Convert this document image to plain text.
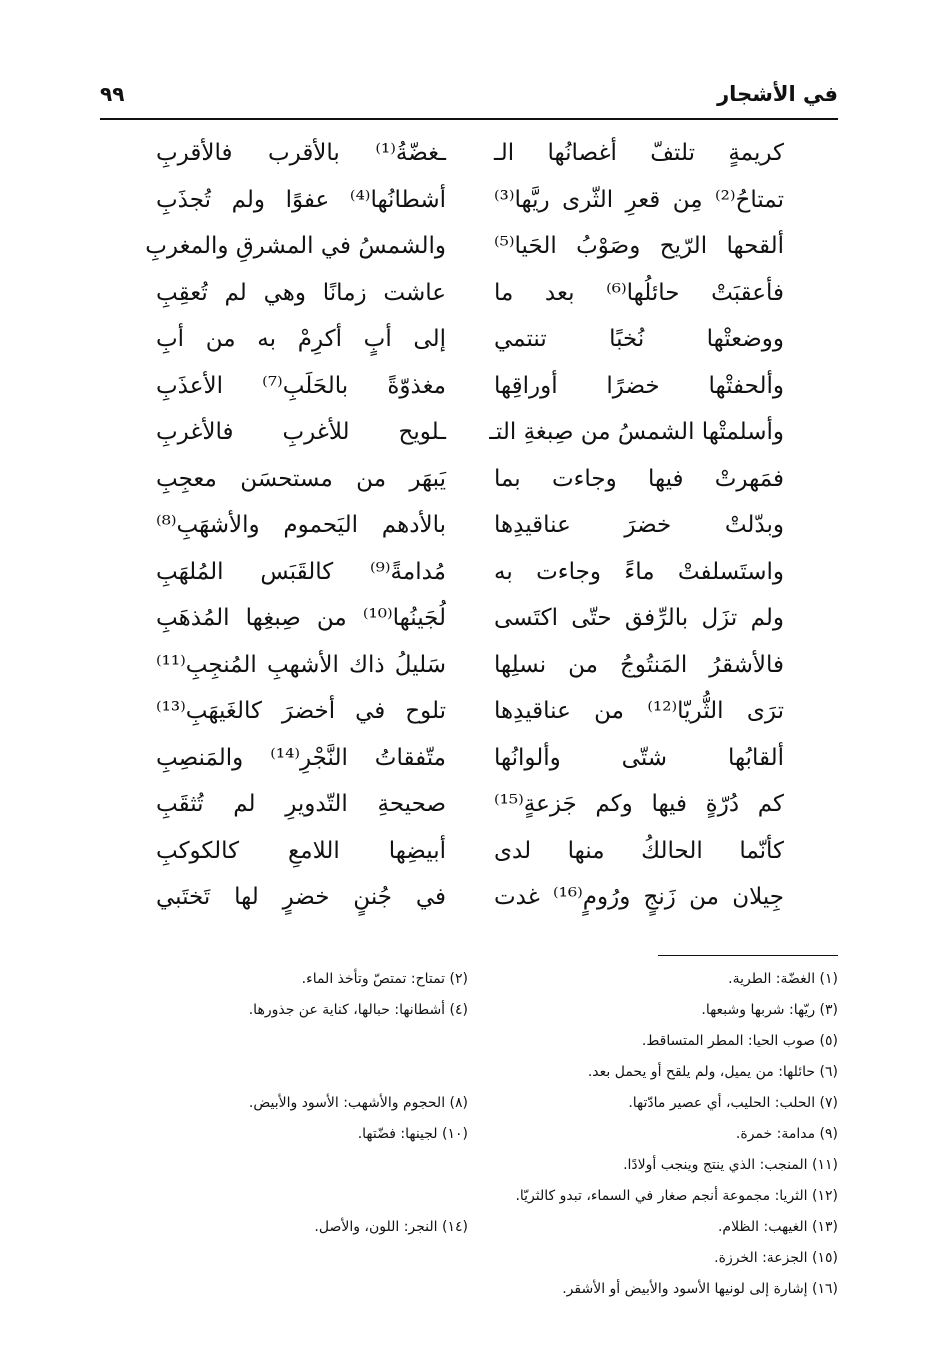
في الأشجار
٩٩
كريمةٍ تلتفّ أغصانُها الـ
ـغضّةُ⁽¹⁾ بالأقرب فالأقربِ
تمتاحُ⁽²⁾ مِن قعرِ الثّرى ريَّها⁽³⁾
أشطانُها⁽⁴⁾ عفوًا ولم تُجذَبِ
ألقحها الرّيح وصَوْبُ الحَيا⁽⁵⁾
والشمسُ في المشرقِ والمغربِ
فأعقبَتْ حائلُها⁽⁶⁾ بعد ما
عاشت زمانًا وهي لم تُعقِبِ
ووضعتْها نُخبًا تنتمي
إلى أبٍ أكرِمْ به من أبِ
وألحفتْها خضرًا أوراقِها
مغذوّةً بالحَلَبِ⁽⁷⁾ الأعذَبِ
وأسلمتْها الشمسُ من صِبغةِ التـ
ـلويح للأغربِ فالأغربِ
فمَهرتْ فيها وجاءت بما
يَبهَر من مستحسَن معجِبِ
وبدّلتْ خضرَ عناقيدِها
بالأدهم اليَحموم والأشهَبِ⁽⁸⁾
واستَسلفتْ ماءً وجاءت به
مُدامةً⁽⁹⁾ كالقَبَس المُلهَبِ
ولم تزَل بالرِّفق حتّى اكتَسى
لُجَينُها⁽¹⁰⁾ من صِبغِها المُذهَبِ
فالأشقرُ المَنتُوجُ من نسلِها
سَليلُ ذاك الأشهبِ المُنجِبِ⁽¹¹⁾
ترَى الثُّريّا⁽¹²⁾ من عناقيدِها
تلوح في أخضرَ كالغَيهَبِ⁽¹³⁾
ألقابُها شتّى وألوانُها
متّفقاتُ النَّجْرِ⁽¹⁴⁾ والمَنصِبِ
كم دُرّةٍ فيها وكم جَزعةٍ⁽¹⁵⁾
صحيحةِ التّدويرِ لم تُثقَبِ
كأنّما الحالكُ منها لدى
أبيضِها اللامعِ كالكوكبِ
جِيلان من زَنجٍ ورُومٍ⁽¹⁶⁾ غدت
في جُننٍ خضرٍ لها تَختَبي
(١) الغضّة: الطرية.
(٢) تمتاح: تمتصّ وتأخذ الماء.
(٣) ريّها: شربها وشبعها.
(٤) أشطانها: حبالها، كناية عن جذورها.
(٥) صوب الحيا: المطر المتساقط.
(٦) حائلها: من يميل، ولم يلقح أو يحمل بعد.
(٧) الحلب: الحليب، أي عصير مادّتها.
(٨) الحجوم والأشهب: الأسود والأبيض.
(٩) مدامة: خمرة.
(١٠) لجينها: فضّتها.
(١١) المنجب: الذي ينتج وينجب أولادًا.
(١٢) الثريا: مجموعة أنجم صغار في السماء، تبدو كالثريّا.
(١٣) الغيهب: الظلام.
(١٤) النجر: اللون، والأصل.
(١٥) الجزعة: الخرزة.
(١٦) إشارة إلى لونيها الأسود والأبيض أو الأشقر.
